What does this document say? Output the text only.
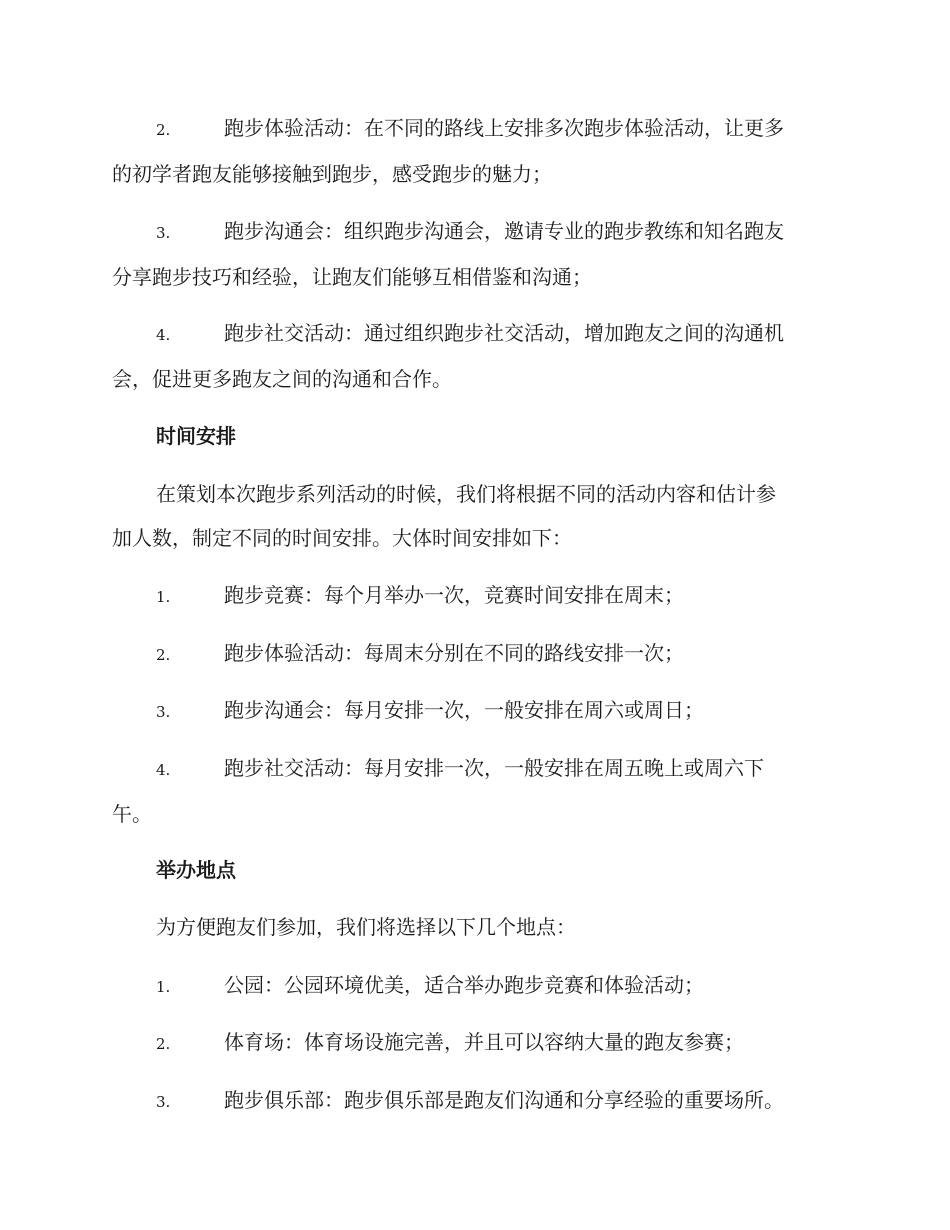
2.	跑步体验活动：在不同的路线上安排多次跑步体验活动，让更多
的初学者跑友能够接触到跑步，感受跑步的魅力；
3.	跑步沟通会：组织跑步沟通会，邀请专业的跑步教练和知名跑友
分享跑步技巧和经验，让跑友们能够互相借鉴和沟通；
4.	跑步社交活动：通过组织跑步社交活动，增加跑友之间的沟通机
会，促进更多跑友之间的沟通和合作。
时间安排
在策划本次跑步系列活动的时候，我们将根据不同的活动内容和估计参
加人数，制定不同的时间安排。大体时间安排如下：
1.	跑步竞赛：每个月举办一次，竞赛时间安排在周末；
2.	跑步体验活动：每周末分别在不同的路线安排一次；
3.	跑步沟通会：每月安排一次，一般安排在周六或周日；
4.	跑步社交活动：每月安排一次，一般安排在周五晚上或周六下
午。
举办地点
为方便跑友们参加，我们将选择以下几个地点：
1.	公园：公园环境优美，适合举办跑步竞赛和体验活动；
2.	体育场：体育场设施完善，并且可以容纳大量的跑友参赛；
3.	跑步俱乐部：跑步俱乐部是跑友们沟通和分享经验的重要场所。
